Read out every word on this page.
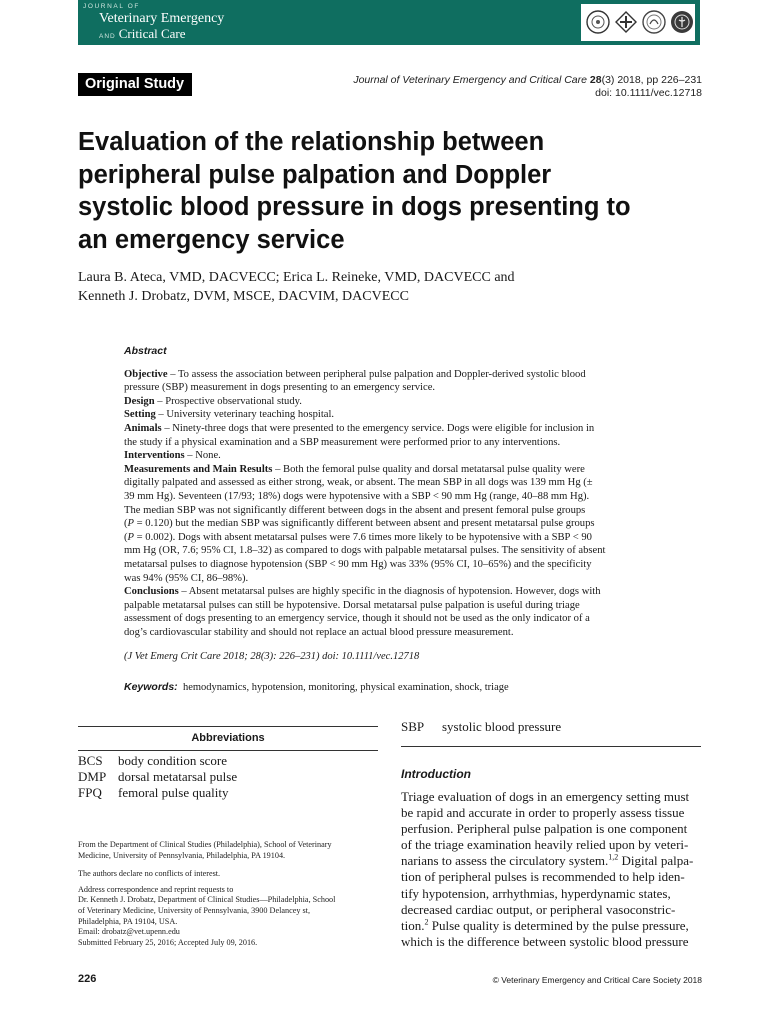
JOURNAL OF
Veterinary Emergency
AND Critical Care
Original Study	Journal of Veterinary Emergency and Critical Care 28(3) 2018, pp 226–231
doi: 10.1111/vec.12718
Evaluation of the relationship between
peripheral pulse palpation and Doppler
systolic blood pressure in dogs presenting to
an emergency service
Laura B. Ateca, VMD, DACVECC; Erica L. Reineke, VMD, DACVECC and
Kenneth J. Drobatz, DVM, MSCE, DACVIM, DACVECC
Abstract
Objective – To assess the association between peripheral pulse palpation and Doppler-derived systolic blood
pressure (SBP) measurement in dogs presenting to an emergency service.
Design – Prospective observational study.
Setting – University veterinary teaching hospital.
Animals – Ninety-three dogs that were presented to the emergency service. Dogs were eligible for inclusion in
the study if a physical examination and a SBP measurement were performed prior to any interventions.
Interventions – None.
Measurements and Main Results – Both the femoral pulse quality and dorsal metatarsal pulse quality were
digitally palpated and assessed as either strong, weak, or absent. The mean SBP in all dogs was 139 mm Hg (±
39 mm Hg). Seventeen (17/93; 18%) dogs were hypotensive with a SBP < 90 mm Hg (range, 40–88 mm Hg).
The median SBP was not significantly different between dogs in the absent and present femoral pulse groups
(P = 0.120) but the median SBP was significantly different between absent and present metatarsal pulse groups
(P = 0.002). Dogs with absent metatarsal pulses were 7.6 times more likely to be hypotensive with a SBP < 90
mm Hg (OR, 7.6; 95% CI, 1.8–32) as compared to dogs with palpable metatarsal pulses. The sensitivity of absent
metatarsal pulses to diagnose hypotension (SBP < 90 mm Hg) was 33% (95% CI, 10–65%) and the specificity
was 94% (95% CI, 86–98%).
Conclusions – Absent metatarsal pulses are highly specific in the diagnosis of hypotension. However, dogs with
palpable metatarsal pulses can still be hypotensive. Dorsal metatarsal pulse palpation is useful during triage
assessment of dogs presenting to an emergency service, though it should not be used as the only indicator of a
dog’s cardiovascular stability and should not replace an actual blood pressure measurement.
(J Vet Emerg Crit Care 2018; 28(3): 226–231) doi: 10.1111/vec.12718
Keywords: hemodynamics, hypotension, monitoring, physical examination, shock, triage
Abbreviations
BCS body condition score
DMP dorsal metatarsal pulse
FPQ femoral pulse quality
SBP systolic blood pressure

From the Department of Clinical Studies (Philadelphia), School of Veterinary

Medicine, University of Pennsylvania, Philadelphia, PA 19104.

The authors declare no conflicts of interest.

Address correspondence and reprint requests to

Dr. Kenneth J. Drobatz, Department of Clinical Studies—Philadelphia, School

of Veterinary Medicine, University of Pennsylvania, 3900 Delancey st,

Philadelphia, PA 19104, USA.

Email: drobatz@vet.upenn.edu

Submitted February 25, 2016; Accepted July 09, 2016.

Introduction
Triage evaluation of dogs in an emergency setting must
be rapid and accurate in order to properly assess tissue
perfusion. Peripheral pulse palpation is one component
of the triage examination heavily relied upon by veteri-
narians to assess the circulatory system.$^{1,2}$ Digital palpa-
tion of peripheral pulses is recommended to help iden-
tify hypotension, arrhythmias, hyperdynamic states,
decreased cardiac output, or peripheral vasoconstric-
tion.$^2$ Pulse quality is determined by the pulse pressure,
which is the difference between systolic blood pressure
226	© Veterinary Emergency and Critical Care Society 2018
